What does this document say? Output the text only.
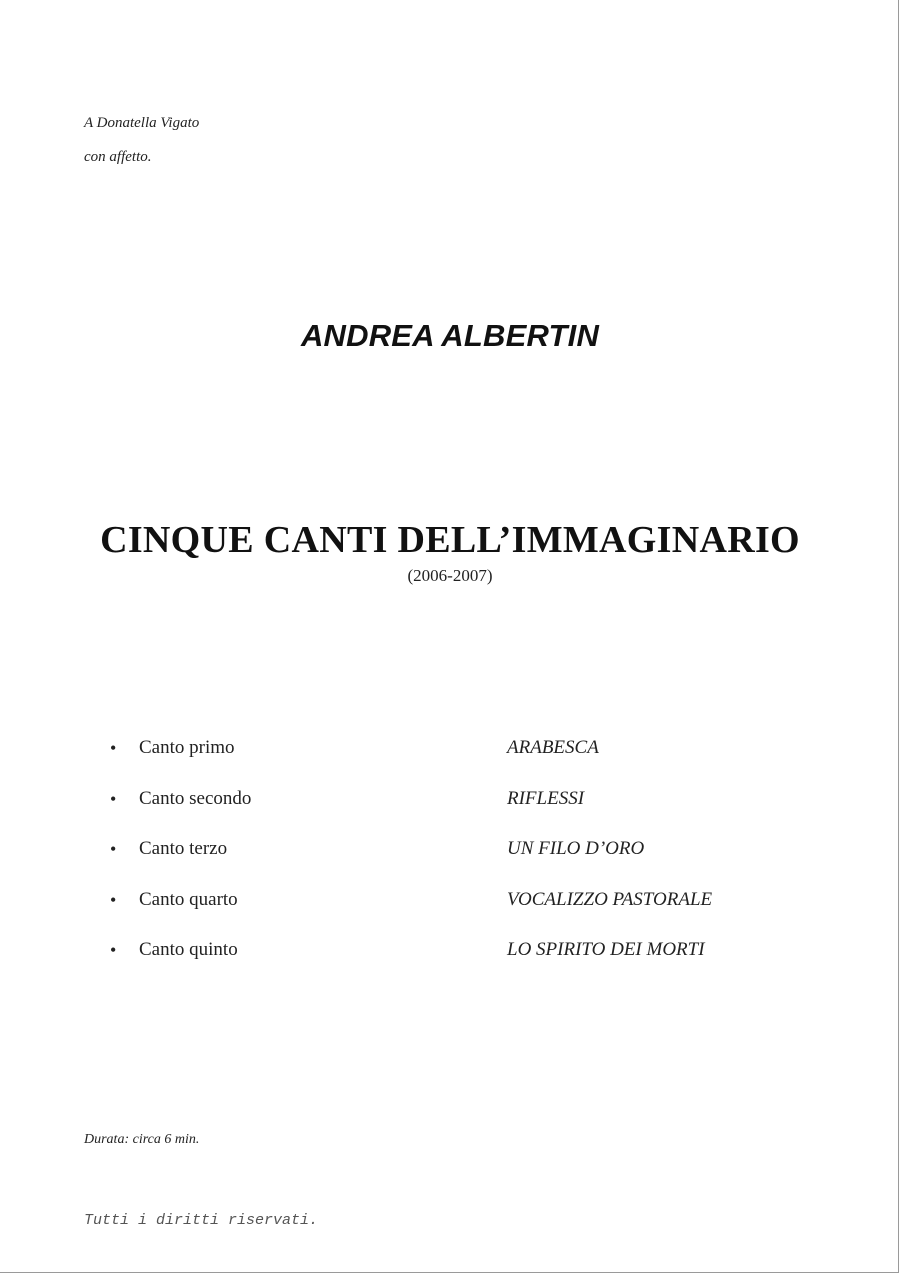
A Donatella Vigato
con affetto.
ANDREA ALBERTIN
CINQUE CANTI DELL’IMMAGINARIO
(2006-2007)
•	Canto primo	ARABESCA
•	Canto secondo	RIFLESSI
•	Canto terzo	UN FILO D’ORO
•	Canto quarto	VOCALIZZO PASTORALE
•	Canto quinto	LO SPIRITO DEI MORTI
Durata: circa 6 min.
Tutti i diritti riservati.
